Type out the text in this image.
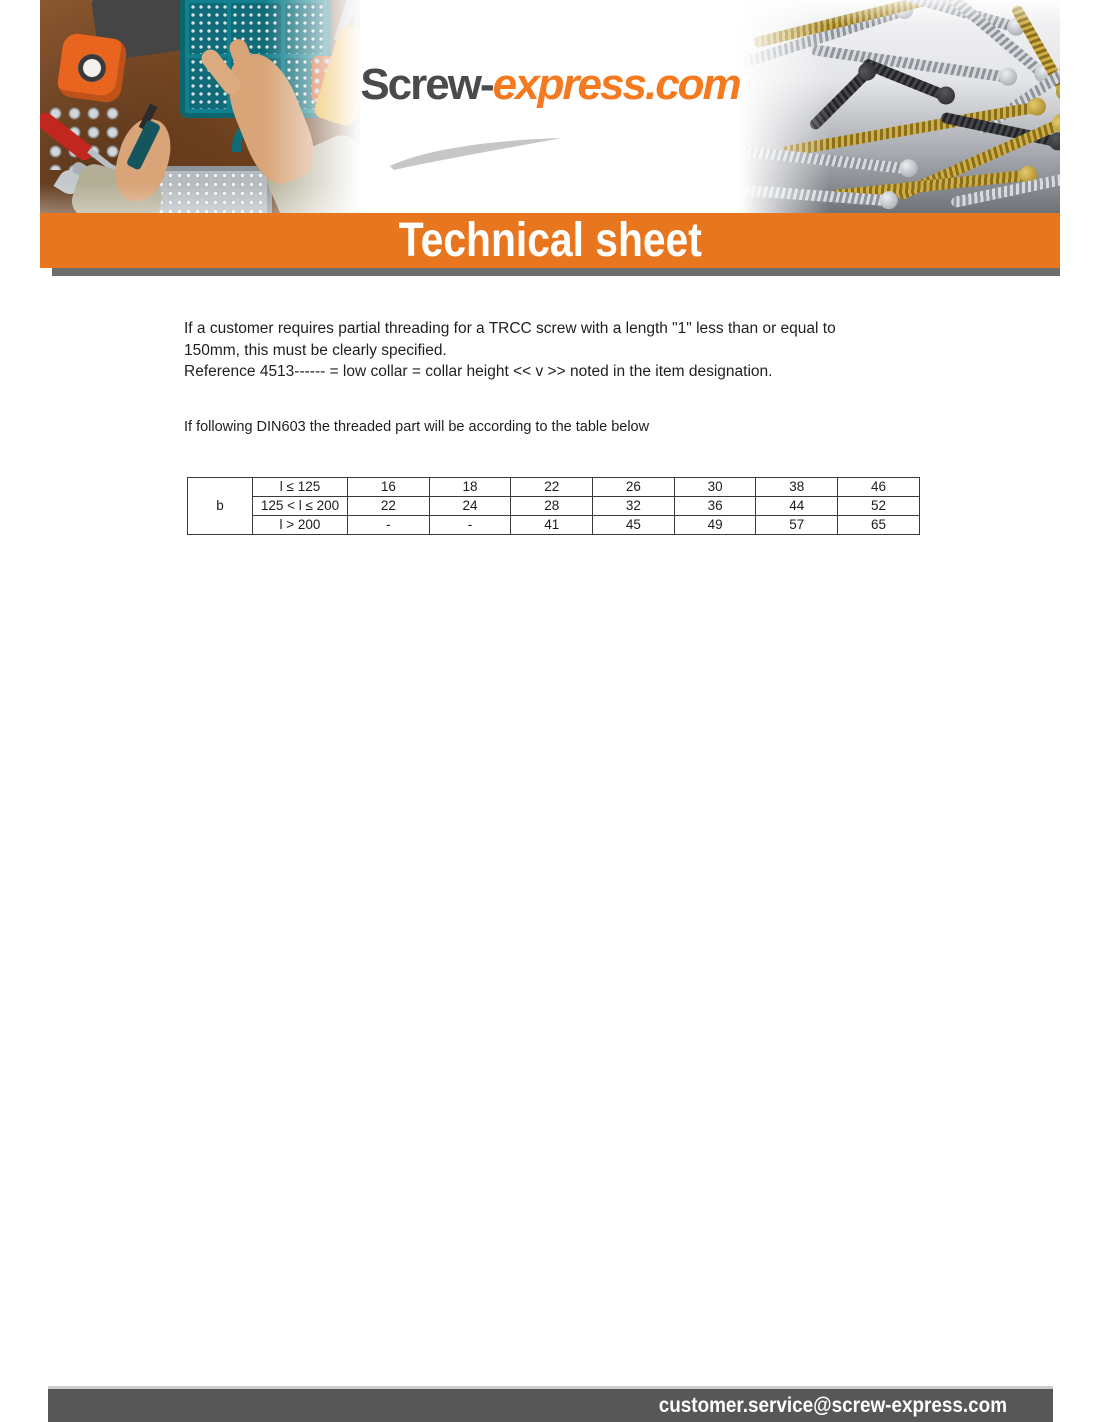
Screw-express.com
Technical sheet
If a customer requires partial threading for a TRCC screw with a length "1" less than or equal to
150mm, this must be clearly specified.
Reference 4513------ = low collar = collar height << v >> noted in the item designation.
If following DIN603 the threaded part will be according to the table below
b	l ≤ 125	16	18	22	26	30	38	46
	125 < l ≤ 200	22	24	28	32	36	44	52
	l > 200	-	-	41	45	49	57	65
customer.service@screw-express.com
